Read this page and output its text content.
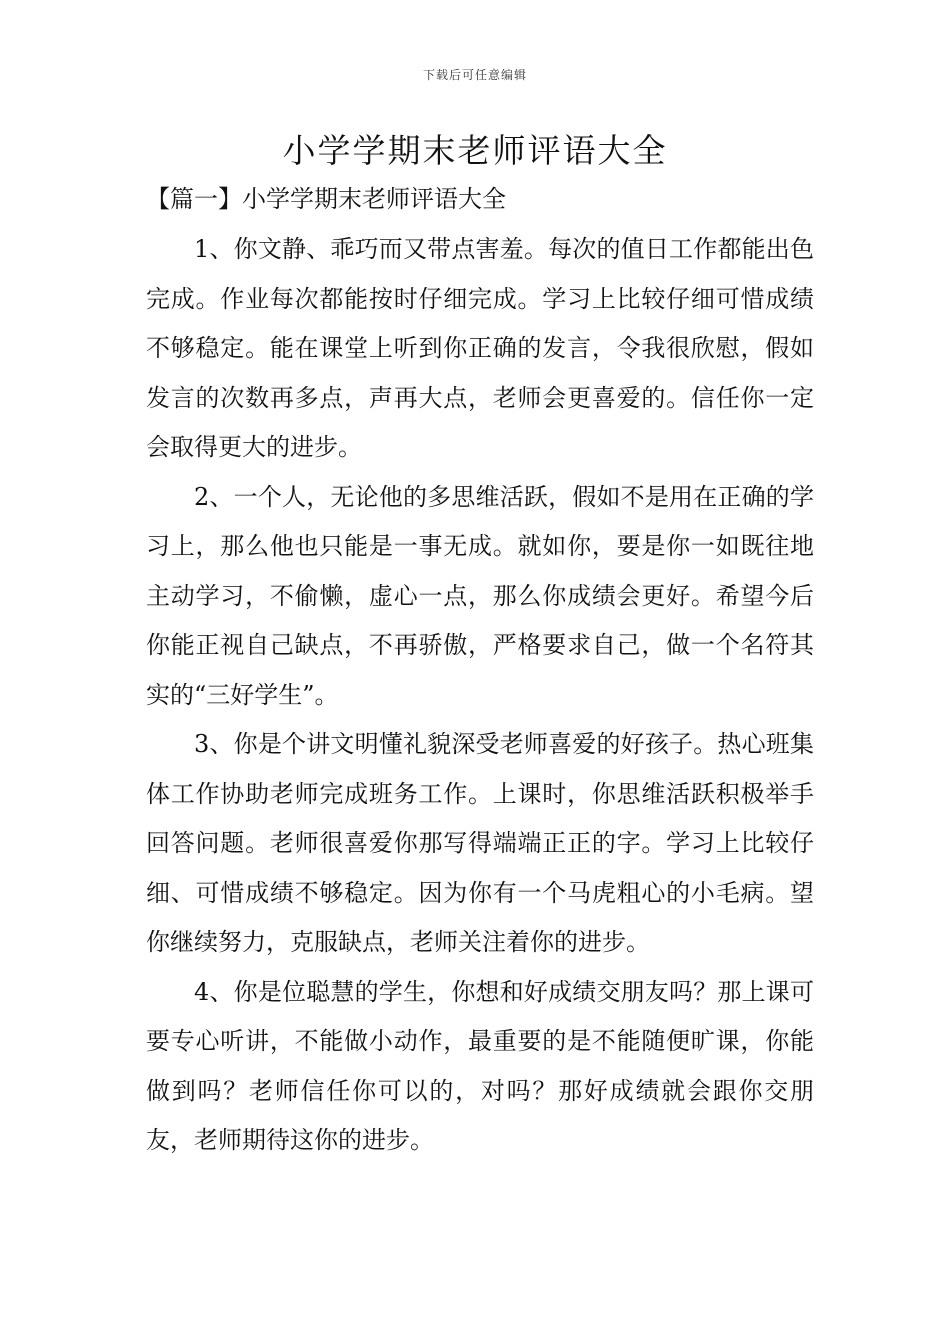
下载后可任意编辑
小学学期末老师评语大全
【篇一】小学学期末老师评语大全

1、你文静、乖巧而又带点害羞。每次的值日工作都能出色完成。作业每次都能按时仔细完成。学习上比较仔细可惜成绩不够稳定。能在课堂上听到你正确的发言，令我很欣慰，假如发言的次数再多点，声再大点，老师会更喜爱的。信任你一定会取得更大的进步。

2、一个人，无论他的多思维活跃，假如不是用在正确的学习上，那么他也只能是一事无成。就如你，要是你一如既往地主动学习，不偷懒，虚心一点，那么你成绩会更好。希望今后你能正视自己缺点，不再骄傲，严格要求自己，做一个名符其实的“三好学生”。

3、你是个讲文明懂礼貌深受老师喜爱的好孩子。热心班集体工作协助老师完成班务工作。上课时，你思维活跃积极举手回答问题。老师很喜爱你那写得端端正正的字。学习上比较仔细、可惜成绩不够稳定。因为你有一个马虎粗心的小毛病。望你继续努力，克服缺点，老师关注着你的进步。

4、你是位聪慧的学生，你想和好成绩交朋友吗？那上课可要专心听讲，不能做小动作，最重要的是不能随便旷课，你能做到吗？老师信任你可以的，对吗？那好成绩就会跟你交朋友，老师期待这你的进步。
